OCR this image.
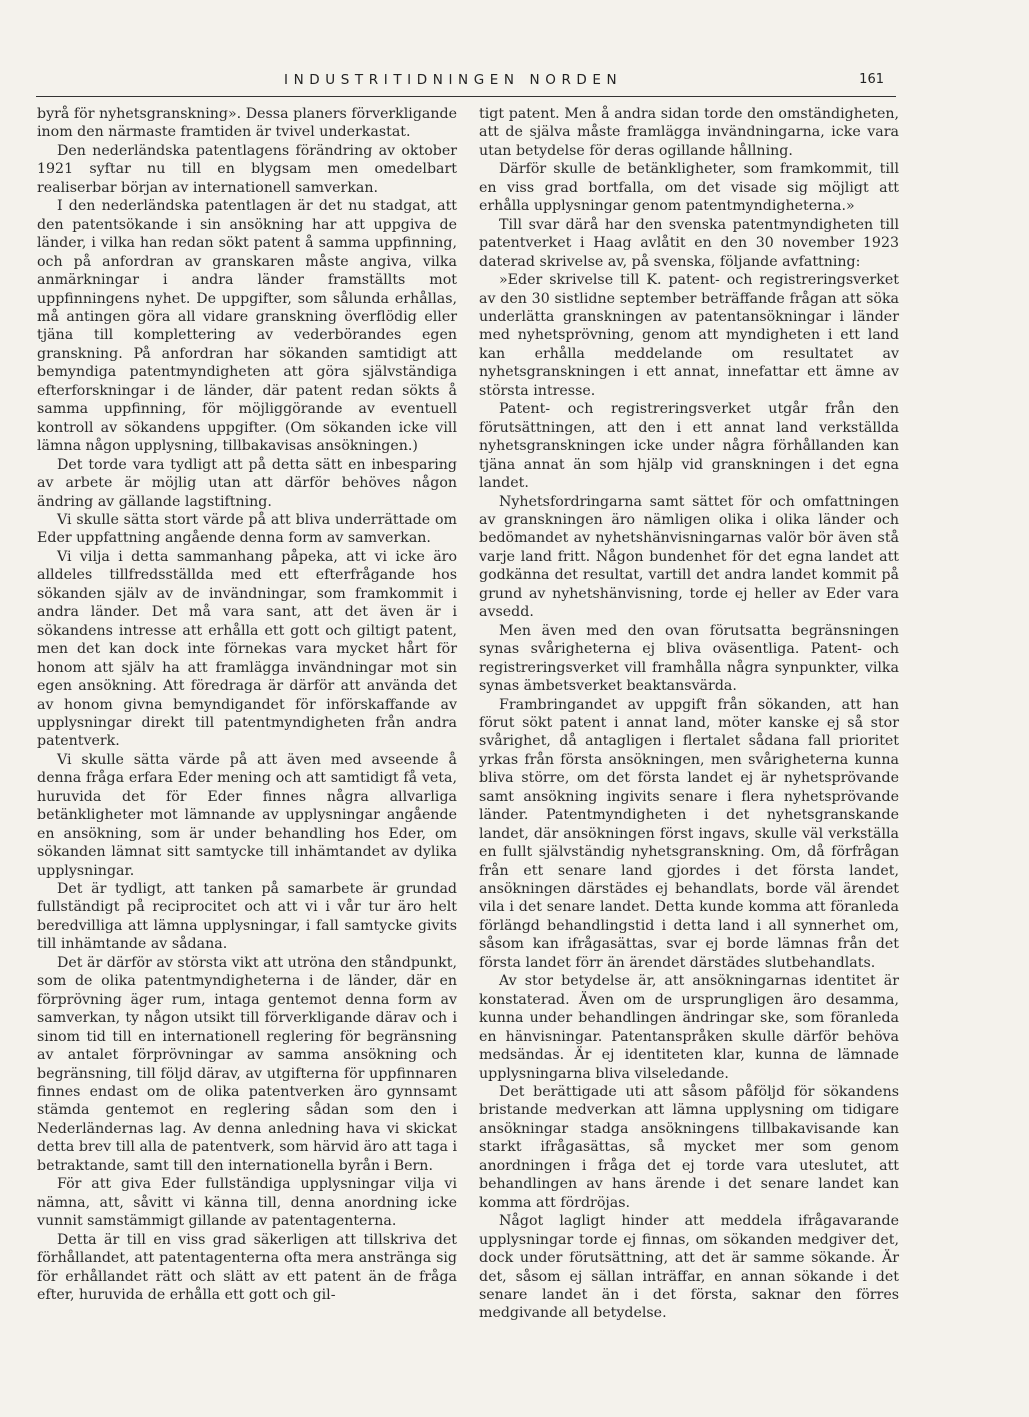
INDUSTRITIDNINGEN NORDEN	161

byrå för nyhetsgranskning». Dessa planers förverkligande inom den närmaste framtiden är tvivel underkastat.

Den nederländska patentlagens förändring av oktober 1921 syftar nu till en blygsam men omedelbart realiserbar början av internationell samverkan.

I den nederländska patentlagen är det nu stadgat, att den patentsökande i sin ansökning har att uppgiva de länder, i vilka han redan sökt patent å samma uppfinning, och på anfordran av granskaren måste angiva, vilka anmärkningar i andra länder framställts mot uppfinningens nyhet. De uppgifter, som sålunda erhållas, må antingen göra all vidare granskning överflödig eller tjäna till komplettering av vederbörandes egen granskning. På anfordran har sökanden samtidigt att bemyndiga patentmyndigheten att göra självständiga efterforskningar i de länder, där patent redan sökts å samma uppfinning, för möjliggörande av eventuell kontroll av sökandens uppgifter. (Om sökanden icke vill lämna någon upplysning, tillbakavisas ansökningen.)

Det torde vara tydligt att på detta sätt en inbesparing av arbete är möjlig utan att därför behöves någon ändring av gällande lagstiftning.

Vi skulle sätta stort värde på att bliva underrättade om Eder uppfattning angående denna form av samverkan.

Vi vilja i detta sammanhang påpeka, att vi icke äro alldeles tillfredsställda med ett efterfrågande hos sökanden själv av de invändningar, som framkommit i andra länder. Det må vara sant, att det även är i sökandens intresse att erhålla ett gott och giltigt patent, men det kan dock inte förnekas vara mycket hårt för honom att själv ha att framlägga invändningar mot sin egen ansökning. Att föredraga är därför att använda det av honom givna bemyndigandet för införskaffande av upplysningar direkt till patentmyndigheten från andra patentverk.

Vi skulle sätta värde på att även med avseende å denna fråga erfara Eder mening och att samtidigt få veta, huruvida det för Eder finnes några allvarliga betänkligheter mot lämnande av upplysningar angående en ansökning, som är under behandling hos Eder, om sökanden lämnat sitt samtycke till inhämtandet av dylika upplysningar.

Det är tydligt, att tanken på samarbete är grundad fullständigt på reciprocitet och att vi i vår tur äro helt beredvilliga att lämna upplysningar, i fall samtycke givits till inhämtande av sådana.

Det är därför av största vikt att utröna den ståndpunkt, som de olika patentmyndigheterna i de länder, där en förprövning äger rum, intaga gentemot denna form av samverkan, ty någon utsikt till förverkligande därav och i sinom tid till en internationell reglering för begränsning av antalet förprövningar av samma ansökning och begränsning, till följd därav, av utgifterna för uppfinnaren finnes endast om de olika patentverken äro gynnsamt stämda gentemot en reglering sådan som den i Nederländernas lag. Av denna anledning hava vi skickat detta brev till alla de patentverk, som härvid äro att taga i betraktande, samt till den internationella byrån i Bern.

För att giva Eder fullständiga upplysningar vilja vi nämna, att, såvitt vi känna till, denna anordning icke vunnit samstämmigt gillande av patentagenterna.

Detta är till en viss grad säkerligen att tillskriva det förhållandet, att patentagenterna ofta mera anstränga sig för erhållandet rätt och slätt av ett patent än de fråga efter, huruvida de erhålla ett gott och gil-

tigt patent. Men å andra sidan torde den omständigheten, att de själva måste framlägga invändningarna, icke vara utan betydelse för deras ogillande hållning.

Därför skulle de betänkligheter, som framkommit, till en viss grad bortfalla, om det visade sig möjligt att erhålla upplysningar genom patentmyndigheterna.»

Till svar därå har den svenska patentmyndigheten till patentverket i Haag avlåtit en den 30 november 1923 daterad skrivelse av, på svenska, följande avfattning:

»Eder skrivelse till K. patent- och registreringsverket av den 30 sistlidne september beträffande frågan att söka underlätta granskningen av patentansökningar i länder med nyhetsprövning, genom att myndigheten i ett land kan erhålla meddelande om resultatet av nyhetsgranskningen i ett annat, innefattar ett ämne av största intresse.

Patent- och registreringsverket utgår från den förutsättningen, att den i ett annat land verkställda nyhetsgranskningen icke under några förhållanden kan tjäna annat än som hjälp vid granskningen i det egna landet.

Nyhetsfordringarna samt sättet för och omfattningen av granskningen äro nämligen olika i olika länder och bedömandet av nyhetshänvisningarnas valör bör även stå varje land fritt. Någon bundenhet för det egna landet att godkänna det resultat, vartill det andra landet kommit på grund av nyhetshänvisning, torde ej heller av Eder vara avsedd.

Men även med den ovan förutsatta begränsningen synas svårigheterna ej bliva oväsentliga. Patent- och registreringsverket vill framhålla några synpunkter, vilka synas ämbetsverket beaktansvärda.

Frambringandet av uppgift från sökanden, att han förut sökt patent i annat land, möter kanske ej så stor svårighet, då antagligen i flertalet sådana fall prioritet yrkas från första ansökningen, men svårigheterna kunna bliva större, om det första landet ej är nyhetsprövande samt ansökning ingivits senare i flera nyhetsprövande länder. Patentmyndigheten i det nyhetsgranskande landet, där ansökningen först ingavs, skulle väl verkställa en fullt självständig nyhetsgranskning. Om, då förfrågan från ett senare land gjordes i det första landet, ansökningen därstädes ej behandlats, borde väl ärendet vila i det senare landet. Detta kunde komma att föranleda förlängd behandlingstid i detta land i all synnerhet om, såsom kan ifrågasättas, svar ej borde lämnas från det första landet förr än ärendet därstädes slutbehandlats.

Av stor betydelse är, att ansökningarnas identitet är konstaterad. Även om de ursprungligen äro desamma, kunna under behandlingen ändringar ske, som föranleda en hänvisningar. Patentanspråken skulle därför behöva medsändas. Är ej identiteten klar, kunna de lämnade upplysningarna bliva vilseledande.

Det berättigade uti att såsom påföljd för sökandens bristande medverkan att lämna upplysning om tidigare ansökningar stadga ansökningens tillbakavisande kan starkt ifrågasättas, så mycket mer som genom anordningen i fråga det ej torde vara uteslutet, att behandlingen av hans ärende i det senare landet kan komma att fördröjas.

Något lagligt hinder att meddela ifrågavarande upplysningar torde ej finnas, om sökanden medgiver det, dock under förutsättning, att det är samme sökande. Är det, såsom ej sällan inträffar, en annan sökande i det senare landet än i det första, saknar den förres medgivande all betydelse.
